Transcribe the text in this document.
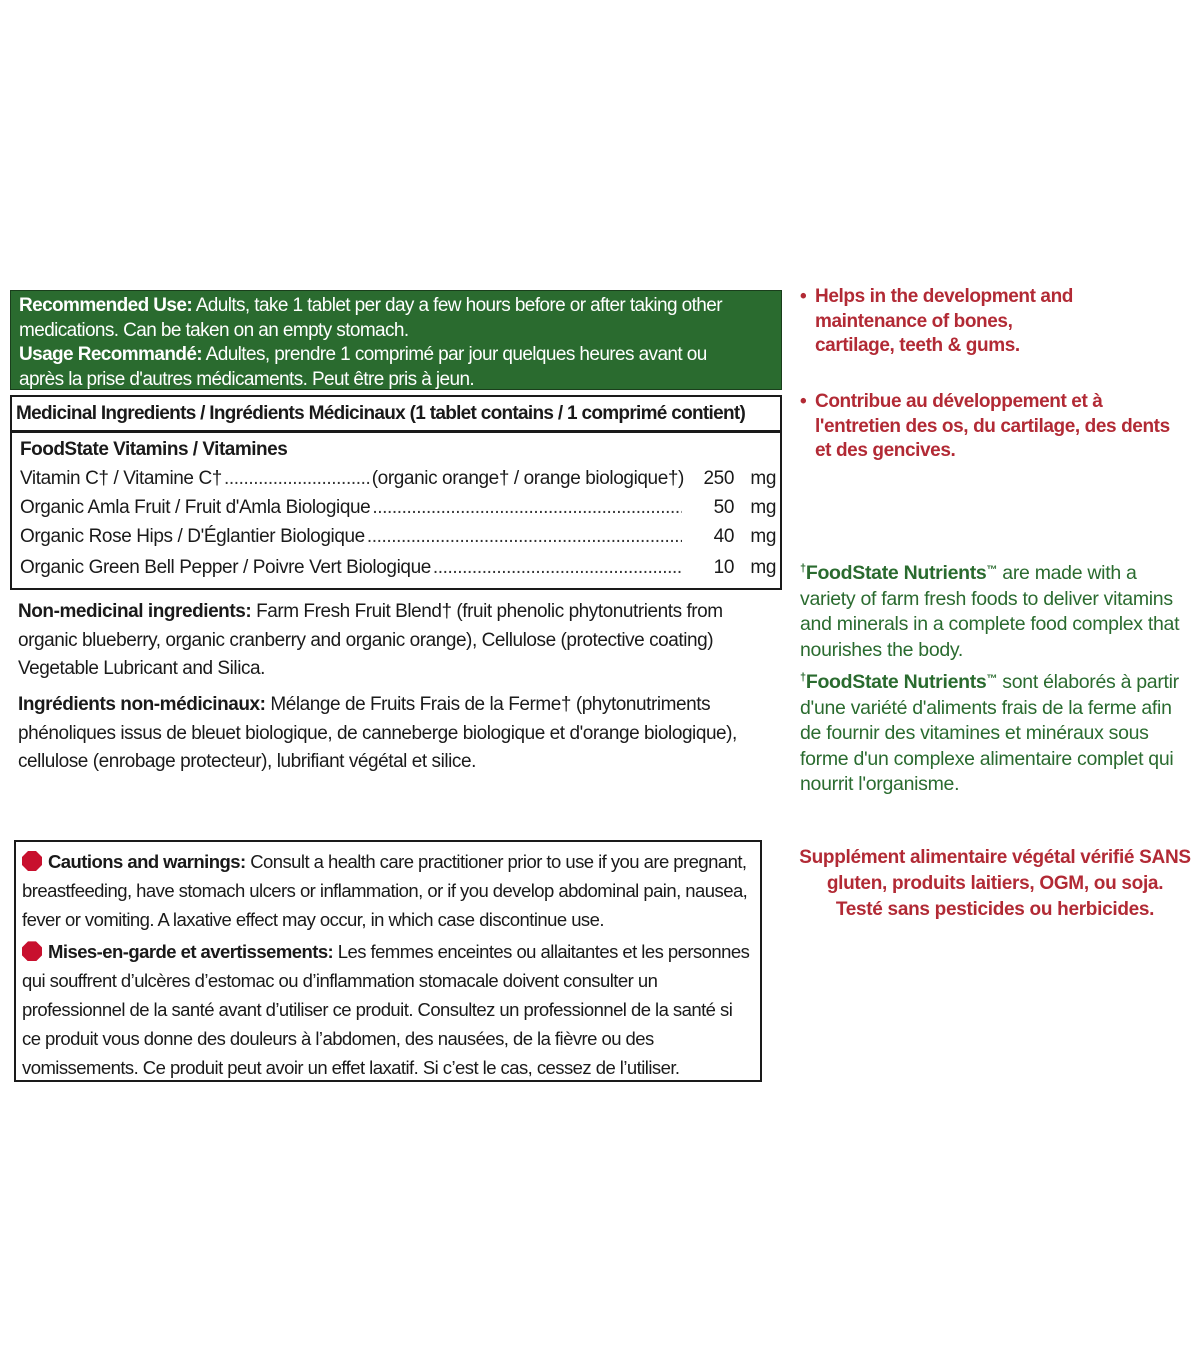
Recommended Use: Adults, take 1 tablet per day a few hours before or after taking other
medications. Can be taken on an empty stomach.
Usage Recommandé: Adultes, prendre 1 comprimé par jour quelques heures avant ou
après la prise d'autres médicaments. Peut être pris à jeun.
Medicinal Ingredients / Ingrédients Médicinaux (1 tablet contains / 1 comprimé contient)
FoodState Vitamins / Vitamines
Vitamin C† / Vitamine C† .....	(organic orange† / orange biologique†)	250 mg
Organic Amla Fruit / Fruit d'Amla Biologique .....	50 mg
Organic Rose Hips / D'Églantier Biologique .....	40 mg
Organic Green Bell Pepper / Poivre Vert Biologique .....	10 mg
Non-medicinal ingredients: Farm Fresh Fruit Blend† (fruit phenolic phytonutrients from organic blueberry, organic cranberry and organic orange), Cellulose (protective coating) Vegetable Lubricant and Silica.
Ingrédients non-médicinaux: Mélange de Fruits Frais de la Ferme† (phytonutriments phénoliques issus de bleuet biologique, de canneberge biologique et d'orange biologique), cellulose (enrobage protecteur), lubrifiant végétal et silice.
Cautions and warnings: Consult a health care practitioner prior to use if you are pregnant, breastfeeding, have stomach ulcers or inflammation, or if you develop abdominal pain, nausea, fever or vomiting. A laxative effect may occur, in which case discontinue use.
Mises-en-garde et avertissements: Les femmes enceintes ou allaitantes et les personnes qui souffrent d’ulcères d’estomac ou d’inflammation stomacale doivent consulter un professionnel de la santé avant d’utiliser ce produit. Consultez un professionnel de la santé si ce produit vous donne des douleurs à l’abdomen, des nausées, de la fièvre ou des vomissements. Ce produit peut avoir un effet laxatif. Si c’est le cas, cessez de l’utiliser.
• Helps in the development and maintenance of bones, cartilage, teeth & gums.
• Contribue au développement et à l'entretien des os, du cartilage, des dents et des gencives.
†FoodState Nutrients™ are made with a variety of farm fresh foods to deliver vitamins and minerals in a complete food complex that nourishes the body.
†FoodState Nutrients™ sont élaborés à partir d'une variété d'aliments frais de la ferme afin de fournir des vitamines et minéraux sous forme d'un complexe alimentaire complet qui nourrit l'organisme.
Supplément alimentaire végétal vérifié SANS
gluten, produits laitiers, OGM, ou soja.
Testé sans pesticides ou herbicides.
